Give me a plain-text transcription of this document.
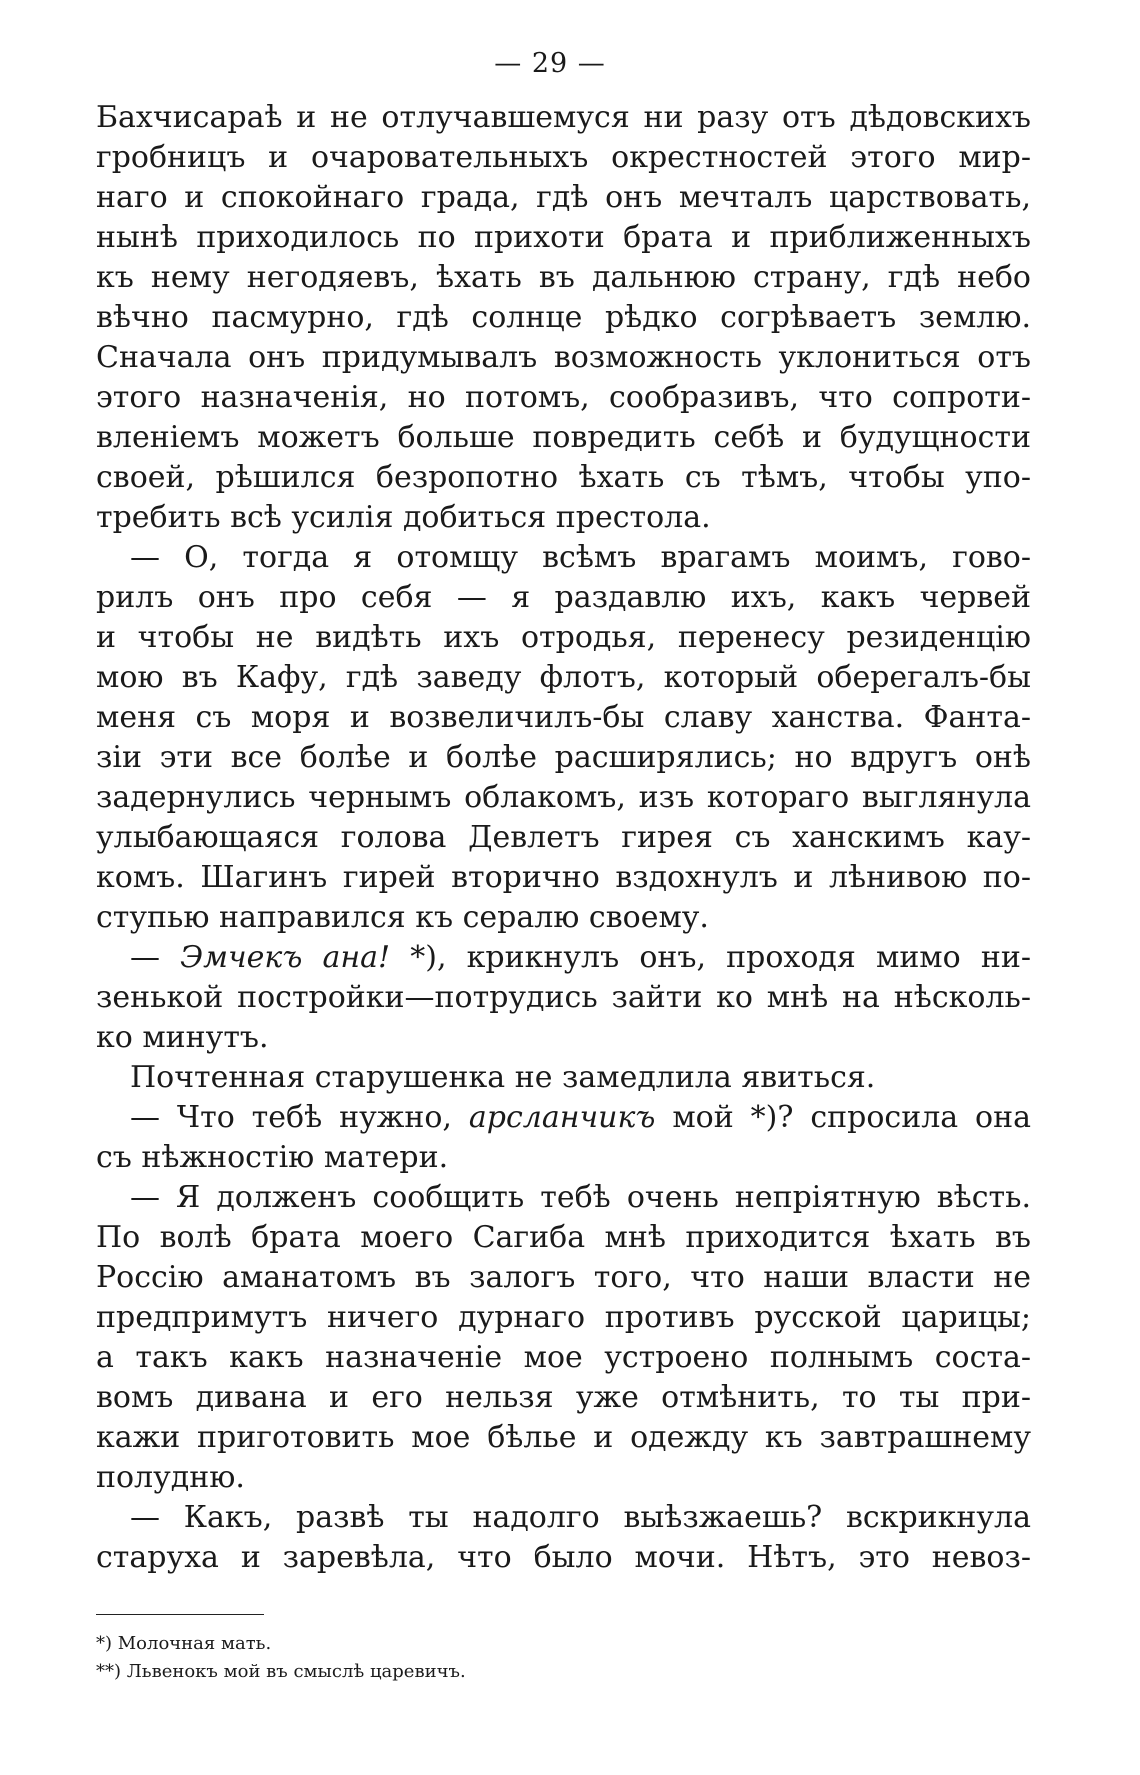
— 29 —
Бахчисараѣ и не отлучавшемуся ни разу отъ дѣдовскихъ
гробницъ и очаровательныхъ окрестностей этого мир-
наго и спокойнаго града, гдѣ онъ мечталъ царствовать,
нынѣ приходилось по прихоти брата и приближенныхъ
къ нему негодяевъ, ѣхать въ дальнюю страну, гдѣ небо
вѣчно пасмурно, гдѣ солнце рѣдко согрѣваетъ землю.
Сначала онъ придумывалъ возможность уклониться отъ
этого назначенія, но потомъ, сообразивъ, что сопроти-
вленіемъ можетъ больше повредить себѣ и будущности
своей, рѣшился безропотно ѣхать съ тѣмъ, чтобы упо-
требить всѣ усилія добиться престола.
— О, тогда я отомщу всѣмъ врагамъ моимъ, гово-
рилъ онъ про себя — я раздавлю ихъ, какъ червей
и чтобы не видѣть ихъ отродья, перенесу резиденцію
мою въ Кафу, гдѣ заведу флотъ, который оберегалъ-бы
меня съ моря и возвеличилъ-бы славу ханства. Фанта-
зіи эти все болѣе и болѣе расширялись; но вдругъ онѣ
задернулись чернымъ облакомъ, изъ котораго выглянула
улыбающаяся голова Девлетъ гирея съ ханскимъ кау-
комъ. Шагинъ гирей вторично вздохнулъ и лѣнивою по-
ступью направился къ cералю своему.
— Эмчекъ ана! *), крикнулъ онъ, проходя мимо ни-
зенькой постройки—потрудись зайти ко мнѣ на нѣсколь-
ко минутъ.
Почтенная старушенка не замедлила явиться.
— Что тебѣ нужно, арсланчикъ мой *)? спросила она
съ нѣжностію матери.
— Я долженъ сообщить тебѣ очень непріятную вѣсть.
По волѣ брата моего Сагиба мнѣ приходится ѣхать въ
Россію аманатомъ въ залогъ того, что наши власти не
предпримутъ ничего дурнаго противъ русской царицы;
а такъ какъ назначеніе мое устроено полнымъ соста-
вомъ дивана и его нельзя уже отмѣнить, то ты при-
кажи приготовить мое бѣлье и одежду къ завтрашнему
полудню.
— Какъ, развѣ ты надолго выѣзжаешь? вскрикнула
старуха и заревѣла, что было мочи. Нѣтъ, это невоз-
*) Молочная мать.
**) Львенокъ мой въ смыслѣ царевичъ.
